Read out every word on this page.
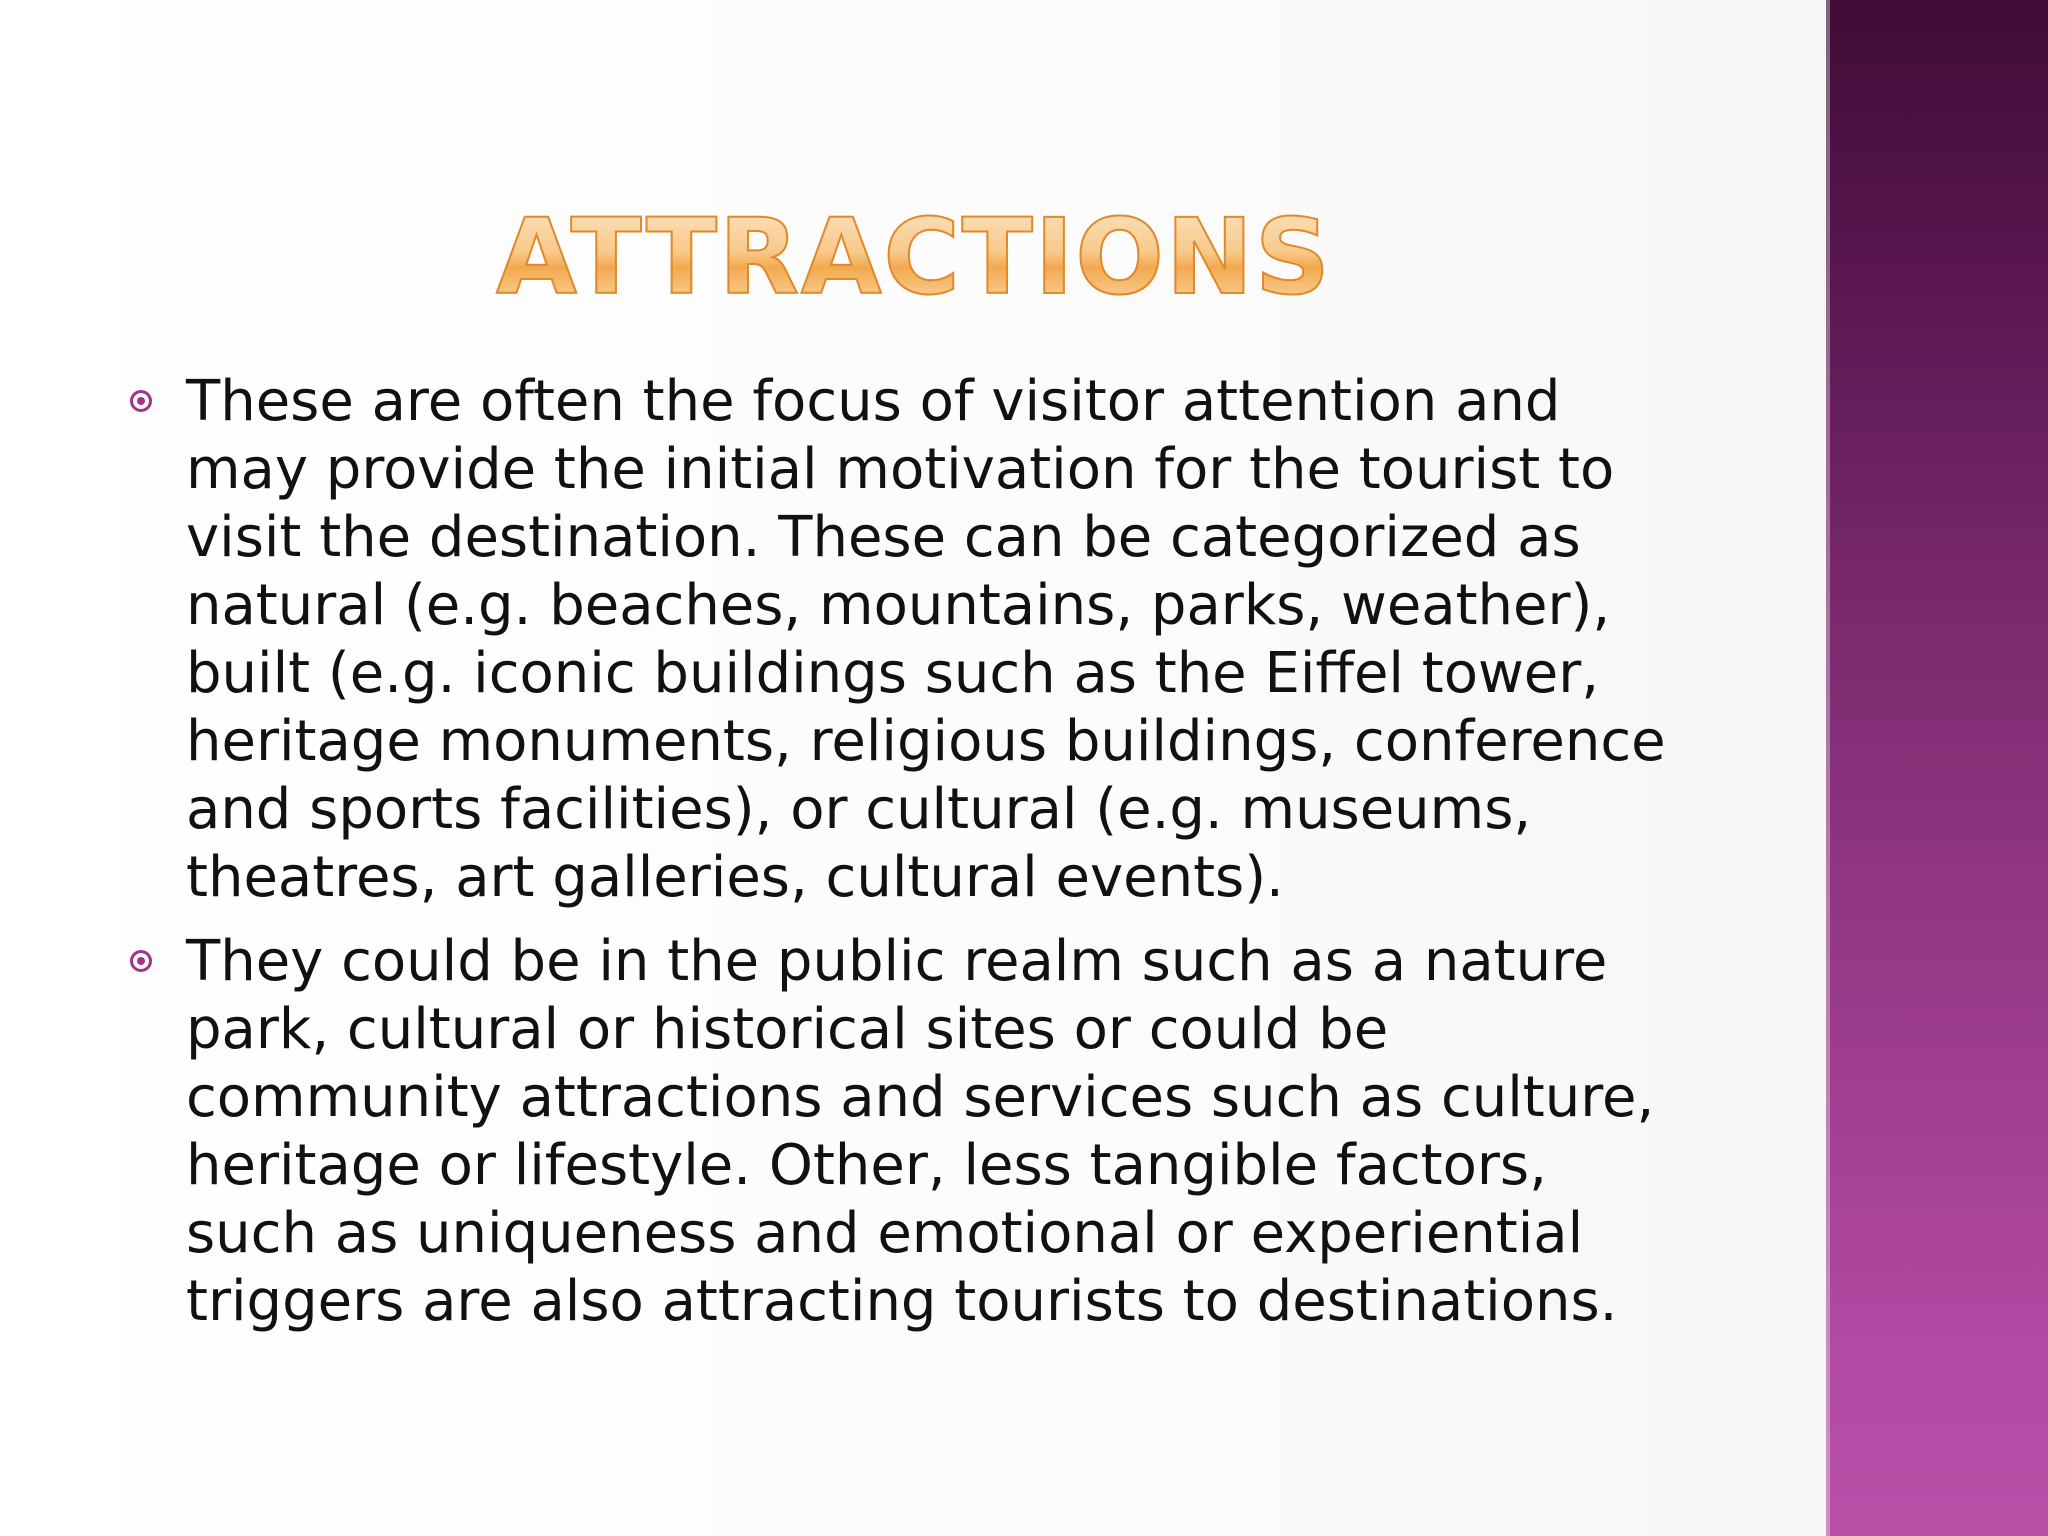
ATTRACTIONS
These are often the focus of visitor attention and may provide the initial motivation for the tourist to visit the destination. These can be categorized as natural (e.g. beaches, mountains, parks, weather), built (e.g. iconic buildings such as the Eiffel tower, heritage monuments, religious buildings, conference and sports facilities), or cultural (e.g. museums, theatres, art galleries, cultural events).
They could be in the public realm such as a nature park, cultural or historical sites or could be community attractions and services such as culture, heritage or lifestyle. Other, less tangible factors, such as uniqueness and emotional or experiential triggers are also attracting tourists to destinations.
